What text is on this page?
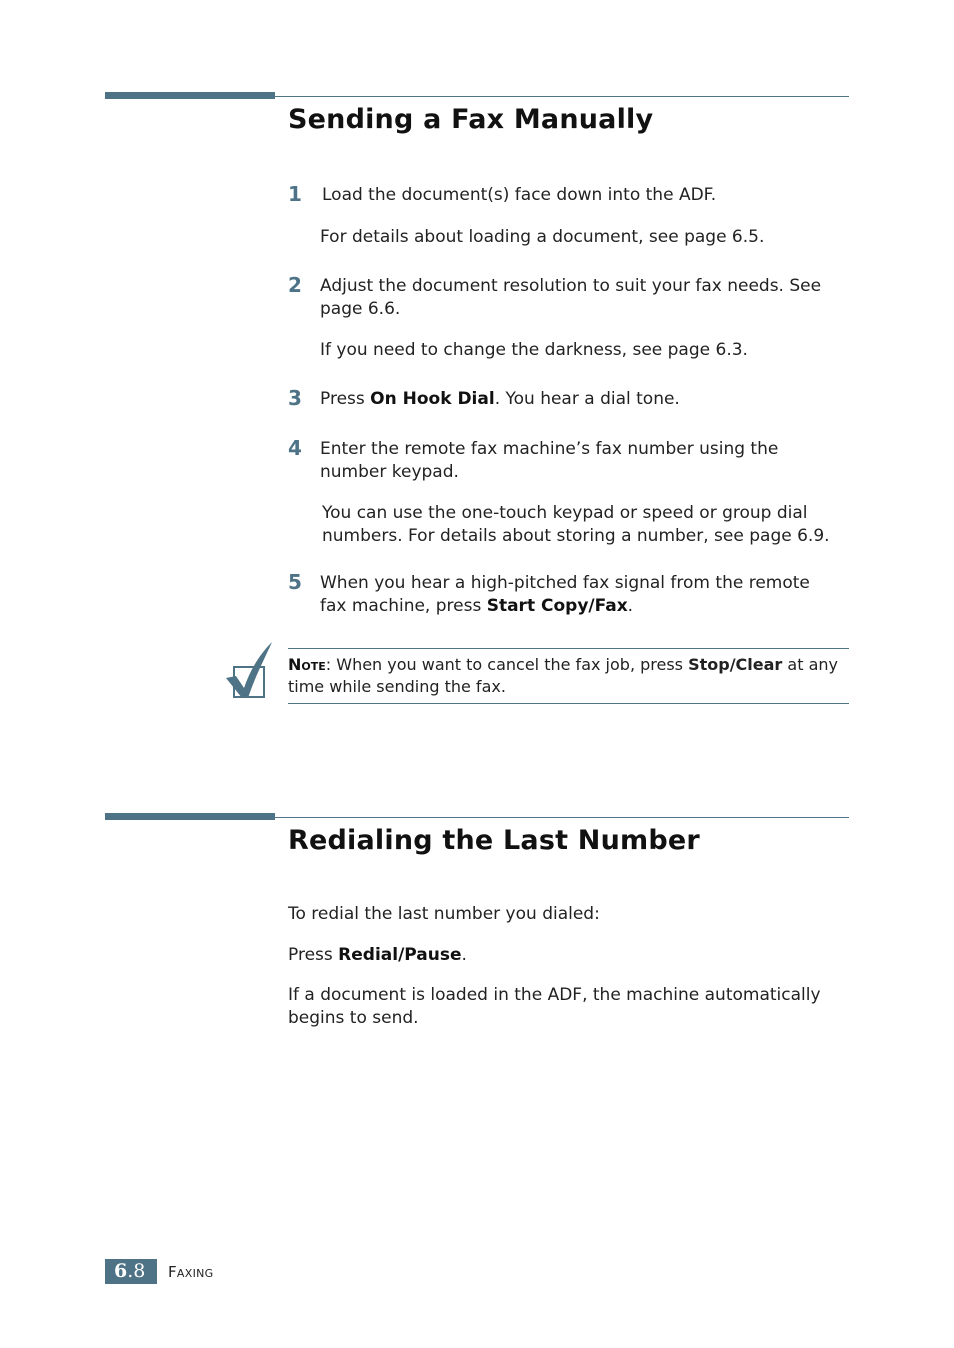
Sending a Fax Manually
1 Load the document(s) face down into the ADF.
For details about loading a document, see page 6.5.
2 Adjust the document resolution to suit your fax needs. See page 6.6.
If you need to change the darkness, see page 6.3.
3 Press On Hook Dial. You hear a dial tone.
4 Enter the remote fax machine’s fax number using the number keypad.
You can use the one-touch keypad or speed or group dial numbers. For details about storing a number, see page 6.9.
5 When you hear a high-pitched fax signal from the remote fax machine, press Start Copy/Fax.
Note: When you want to cancel the fax job, press Stop/Clear at any time while sending the fax.
Redialing the Last Number
To redial the last number you dialed:
Press Redial/Pause.
If a document is loaded in the ADF, the machine automatically begins to send.
6.8	Faxing
